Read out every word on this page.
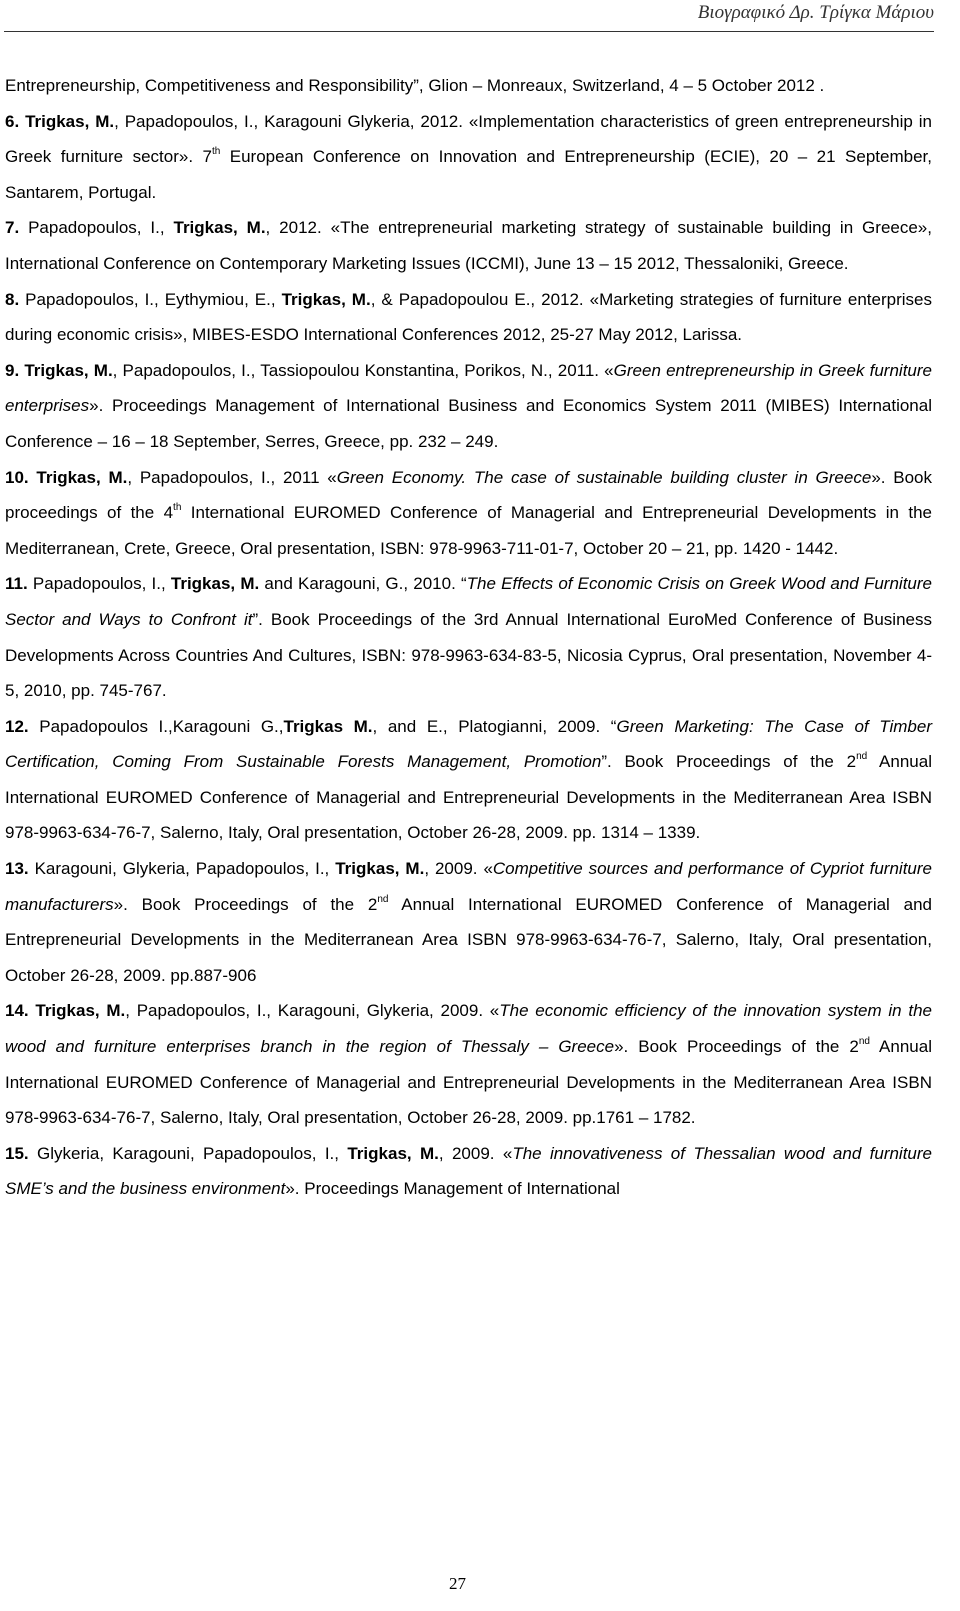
Βιογραφικό Δρ. Τρίγκα Μάριου

Entrepreneurship, Competitiveness and Responsibility”, Glion – Monreaux, Switzerland, 4 – 5 October 2012 .

6. Trigkas, M., Papadopoulos, I., Karagouni Glykeria, 2012. «Implementation characteristics of green entrepreneurship in Greek furniture sector». 7th European Conference on Innovation and Entrepreneurship (ECIE), 20 – 21 September, Santarem, Portugal.

7. Papadopoulos, I., Trigkas, M., 2012. «The entrepreneurial marketing strategy of sustainable building in Greece», International Conference on Contemporary Marketing Issues (ICCMI), June 13 – 15 2012, Thessaloniki, Greece.

8. Papadopoulos, I., Eythymiou, E., Trigkas, M., & Papadopoulou E., 2012. «Marketing strategies of furniture enterprises during economic crisis», MIBES-ESDO International Conferences 2012, 25-27 May 2012, Larissa.

9. Trigkas, M., Papadopoulos, I., Tassiopoulou Konstantina, Porikos, N., 2011. «Green entrepreneurship in Greek furniture enterprises». Proceedings Management of International Business and Economics System 2011 (MIBES) International Conference – 16 – 18 September, Serres, Greece, pp. 232 – 249.

10. Trigkas, M., Papadopoulos, I., 2011 «Green Economy. The case of sustainable building cluster in Greece». Book proceedings of the 4th International EUROMED Conference of Managerial and Entrepreneurial Developments in the Mediterranean, Crete, Greece, Oral presentation, ISBN: 978-9963-711-01-7, October 20 – 21, pp. 1420 - 1442.

11. Papadopoulos, I., Trigkas, M. and Karagouni, G., 2010. “The Effects of Economic Crisis on Greek Wood and Furniture Sector and Ways to Confront it”. Book Proceedings of the 3rd Annual International EuroMed Conference of Business Developments Across Countries And Cultures, ISBN: 978-9963-634-83-5, Nicosia Cyprus, Oral presentation, November 4-5, 2010, pp. 745-767.

12. Papadopoulos I.,Karagouni G.,Trigkas M., and E., Platogianni, 2009. “Green Marketing: The Case of Timber Certification, Coming From Sustainable Forests Management, Promotion”. Book Proceedings of the 2nd Annual International EUROMED Conference of Managerial and Entrepreneurial Developments in the Mediterranean Area ISBN 978-9963-634-76-7, Salerno, Italy, Oral presentation, October 26-28, 2009. pp. 1314 – 1339.

13. Karagouni, Glykeria, Papadopoulos, I., Trigkas, M., 2009. «Competitive sources and performance of Cypriot furniture manufacturers». Book Proceedings of the 2nd Annual International EUROMED Conference of Managerial and Entrepreneurial Developments in the Mediterranean Area ISBN 978-9963-634-76-7, Salerno, Italy, Oral presentation, October 26-28, 2009. pp.887-906

14. Trigkas, M., Papadopoulos, I., Karagouni, Glykeria, 2009. «The economic efficiency of the innovation system in the wood and furniture enterprises branch in the region of Thessaly – Greece». Book Proceedings of the 2nd Annual International EUROMED Conference of Managerial and Entrepreneurial Developments in the Mediterranean Area ISBN 978-9963-634-76-7, Salerno, Italy, Oral presentation, October 26-28, 2009. pp.1761 – 1782.

15. Glykeria, Karagouni, Papadopoulos, I., Trigkas, M., 2009. «The innovativeness of Thessalian wood and furniture SME’s and the business environment». Proceedings Management of International

27
